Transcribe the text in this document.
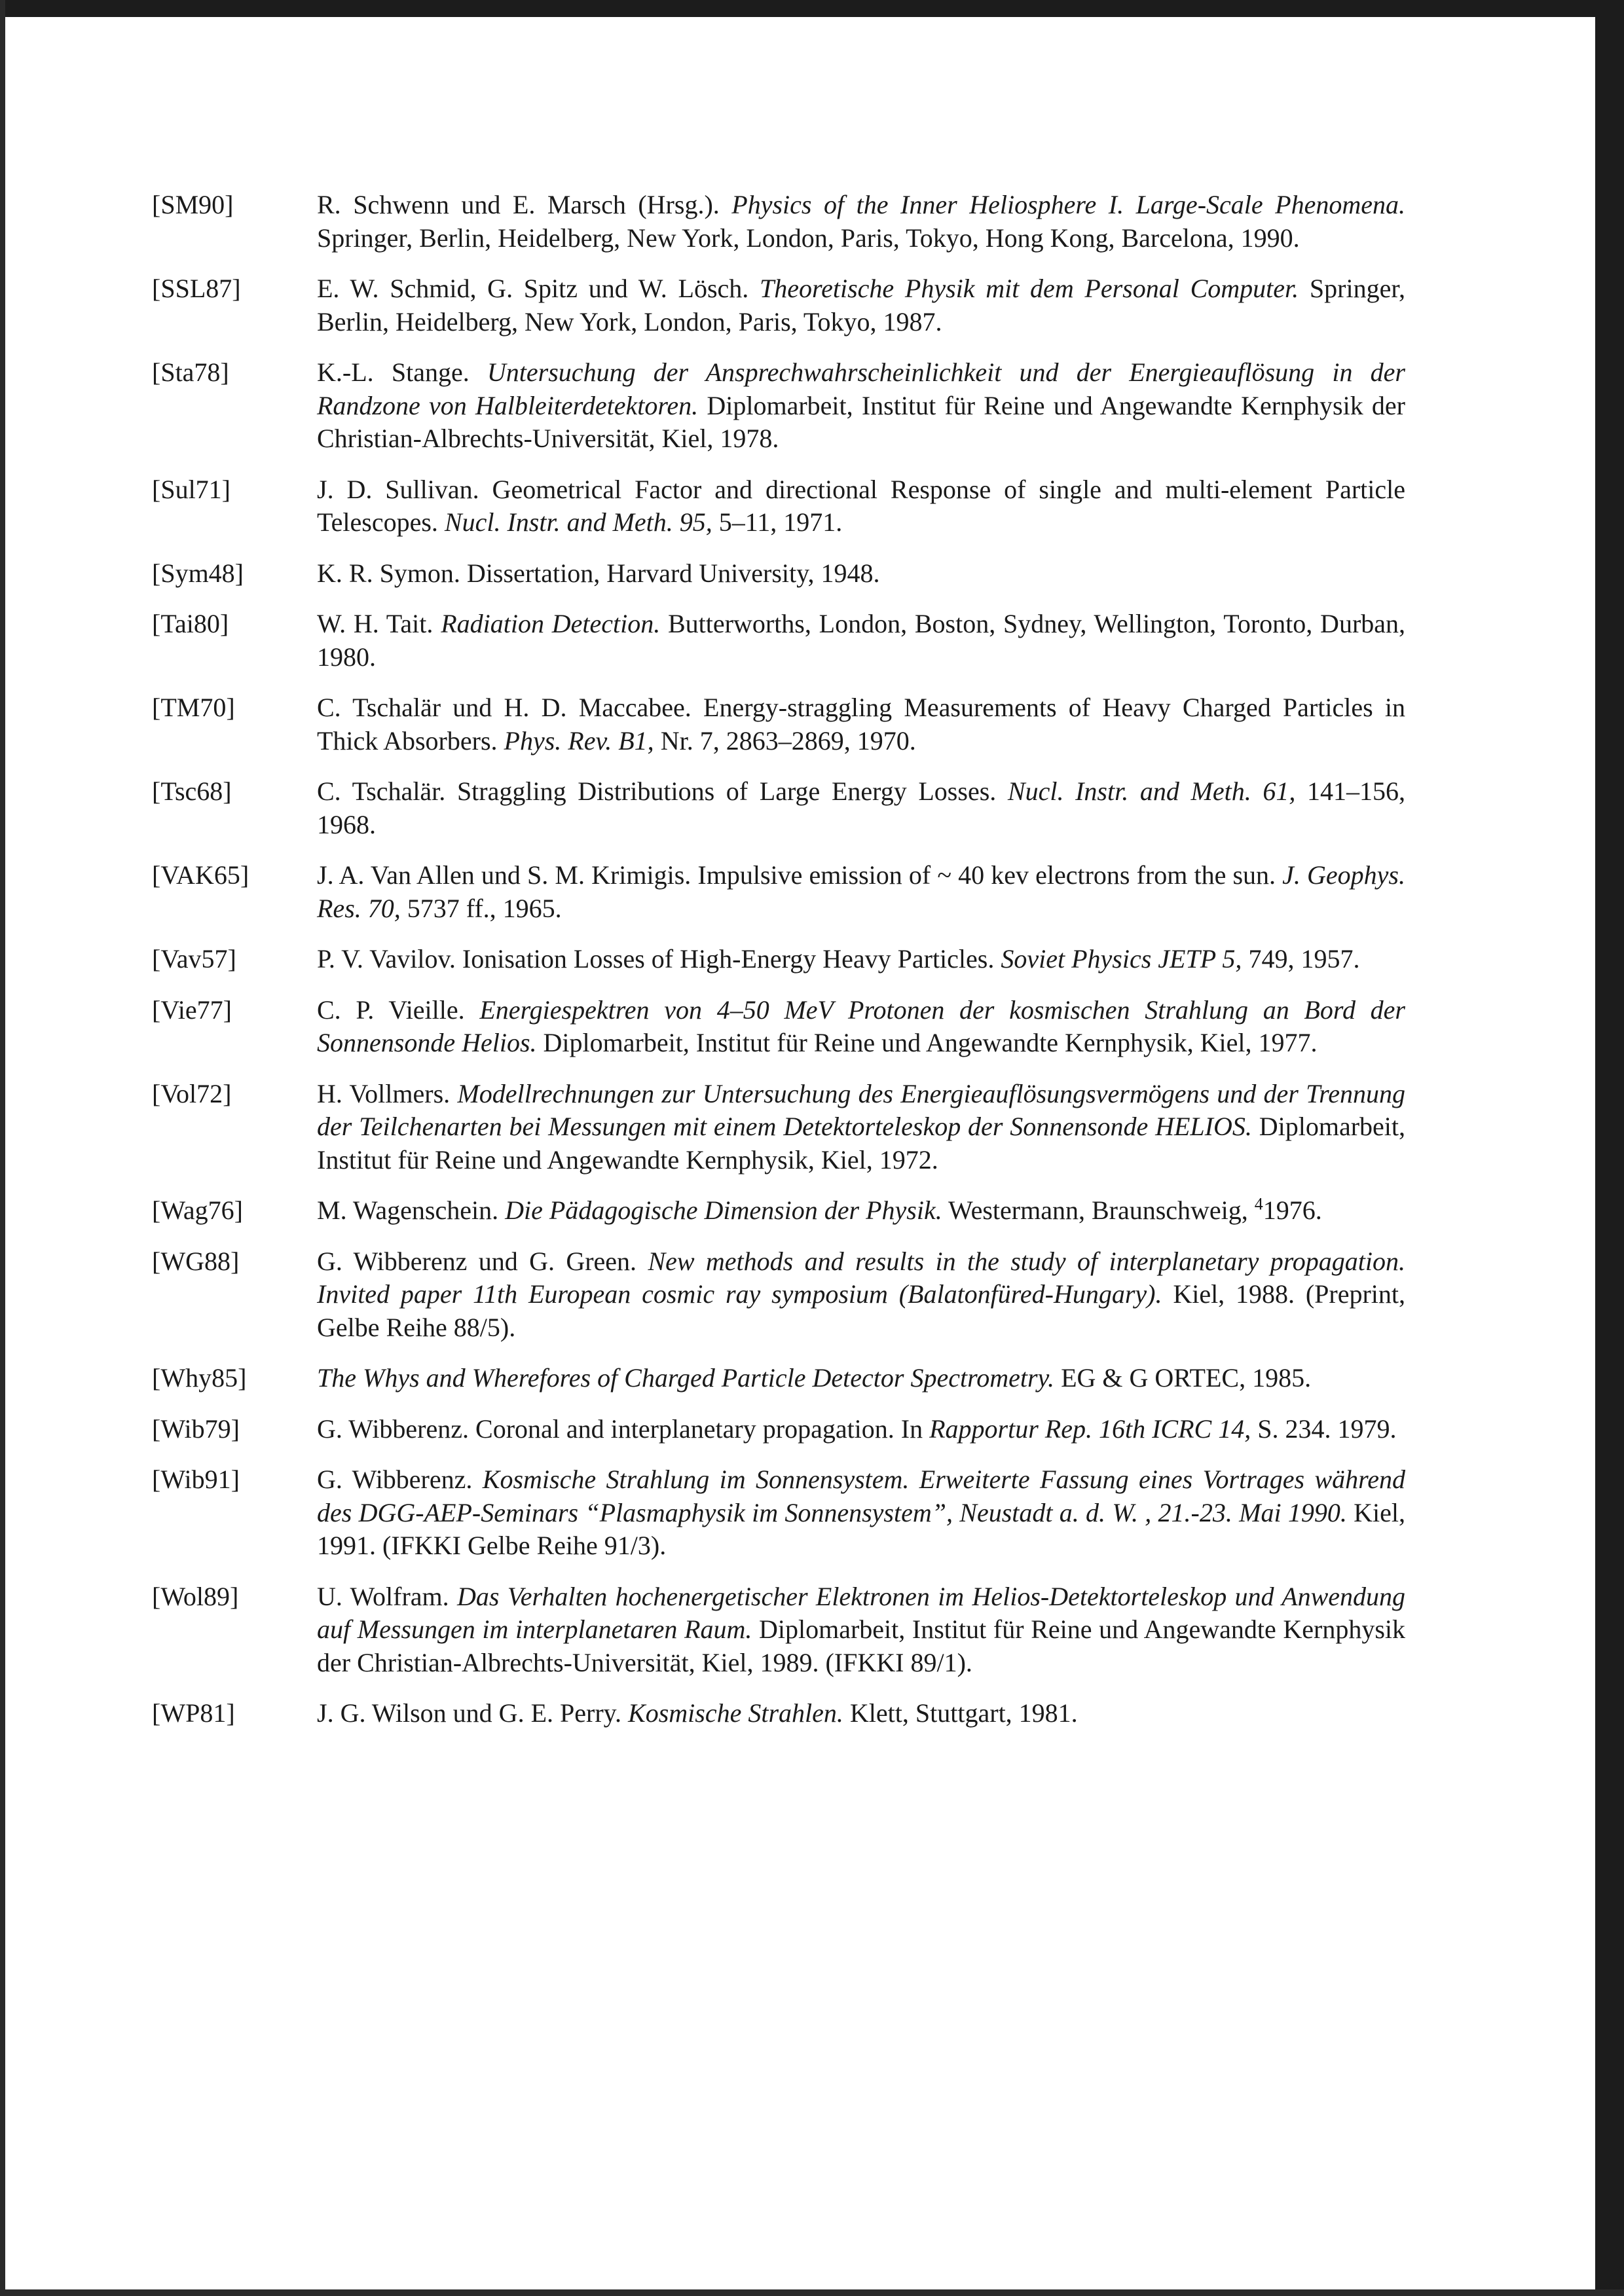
[SM90]	R. Schwenn und E. Marsch (Hrsg.). Physics of the Inner Heliosphere I. Large-Scale Phenomena. Springer, Berlin, Heidelberg, New York, London, Paris, Tokyo, Hong Kong, Barcelona, 1990.
[SSL87]	E. W. Schmid, G. Spitz und W. Lösch. Theoretische Physik mit dem Personal Computer. Springer, Berlin, Heidelberg, New York, London, Paris, Tokyo, 1987.
[Sta78]	K.-L. Stange. Untersuchung der Ansprechwahrscheinlichkeit und der Energieauflösung in der Randzone von Halbleiterdetektoren. Diplomarbeit, Institut für Reine und Angewandte Kernphysik der Christian-Albrechts-Universität, Kiel, 1978.
[Sul71]	J. D. Sullivan. Geometrical Factor and directional Response of single and multi-element Particle Telescopes. Nucl. Instr. and Meth. 95, 5–11, 1971.
[Sym48]	K. R. Symon. Dissertation, Harvard University, 1948.
[Tai80]	W. H. Tait. Radiation Detection. Butterworths, London, Boston, Sydney, Wellington, Toronto, Durban, 1980.
[TM70]	C. Tschalär und H. D. Maccabee. Energy-straggling Measurements of Heavy Charged Particles in Thick Absorbers. Phys. Rev. B1, Nr. 7, 2863–2869, 1970.
[Tsc68]	C. Tschalär. Straggling Distributions of Large Energy Losses. Nucl. Instr. and Meth. 61, 141–156, 1968.
[VAK65]	J. A. Van Allen und S. M. Krimigis. Impulsive emission of ~ 40 kev electrons from the sun. J. Geophys. Res. 70, 5737 ff., 1965.
[Vav57]	P. V. Vavilov. Ionisation Losses of High-Energy Heavy Particles. Soviet Physics JETP 5, 749, 1957.
[Vie77]	C. P. Vieille. Energiespektren von 4–50 MeV Protonen der kosmischen Strahlung an Bord der Sonnensonde Helios. Diplomarbeit, Institut für Reine und Angewandte Kernphysik, Kiel, 1977.
[Vol72]	H. Vollmers. Modellrechnungen zur Untersuchung des Energieauflösungsvermögens und der Trennung der Teilchenarten bei Messungen mit einem Detektorteleskop der Sonnensonde HELIOS. Diplomarbeit, Institut für Reine und Angewandte Kernphysik, Kiel, 1972.
[Wag76]	M. Wagenschein. Die Pädagogische Dimension der Physik. Westermann, Braunschweig, $^4$1976.
[WG88]	G. Wibberenz und G. Green. New methods and results in the study of interplanetary propagation. Invited paper 11th European cosmic ray symposium (Balatonfüred-Hungary). Kiel, 1988. (Preprint, Gelbe Reihe 88/5).
[Why85]	The Whys and Wherefores of Charged Particle Detector Spectrometry. EG & G ORTEC, 1985.
[Wib79]	G. Wibberenz. Coronal and interplanetary propagation. In Rapportur Rep. 16th ICRC 14, S. 234. 1979.
[Wib91]	G. Wibberenz. Kosmische Strahlung im Sonnensystem. Erweiterte Fassung eines Vortrages während des DGG-AEP-Seminars “Plasmaphysik im Sonnensystem”, Neustadt a. d. W. , 21.-23. Mai 1990. Kiel, 1991. (IFKKI Gelbe Reihe 91/3).
[Wol89]	U. Wolfram. Das Verhalten hochenergetischer Elektronen im Helios-Detektorteleskop und Anwendung auf Messungen im interplanetaren Raum. Diplomarbeit, Institut für Reine und Angewandte Kernphysik der Christian-Albrechts-Universität, Kiel, 1989. (IFKKI 89/1).
[WP81]	J. G. Wilson und G. E. Perry. Kosmische Strahlen. Klett, Stuttgart, 1981.
